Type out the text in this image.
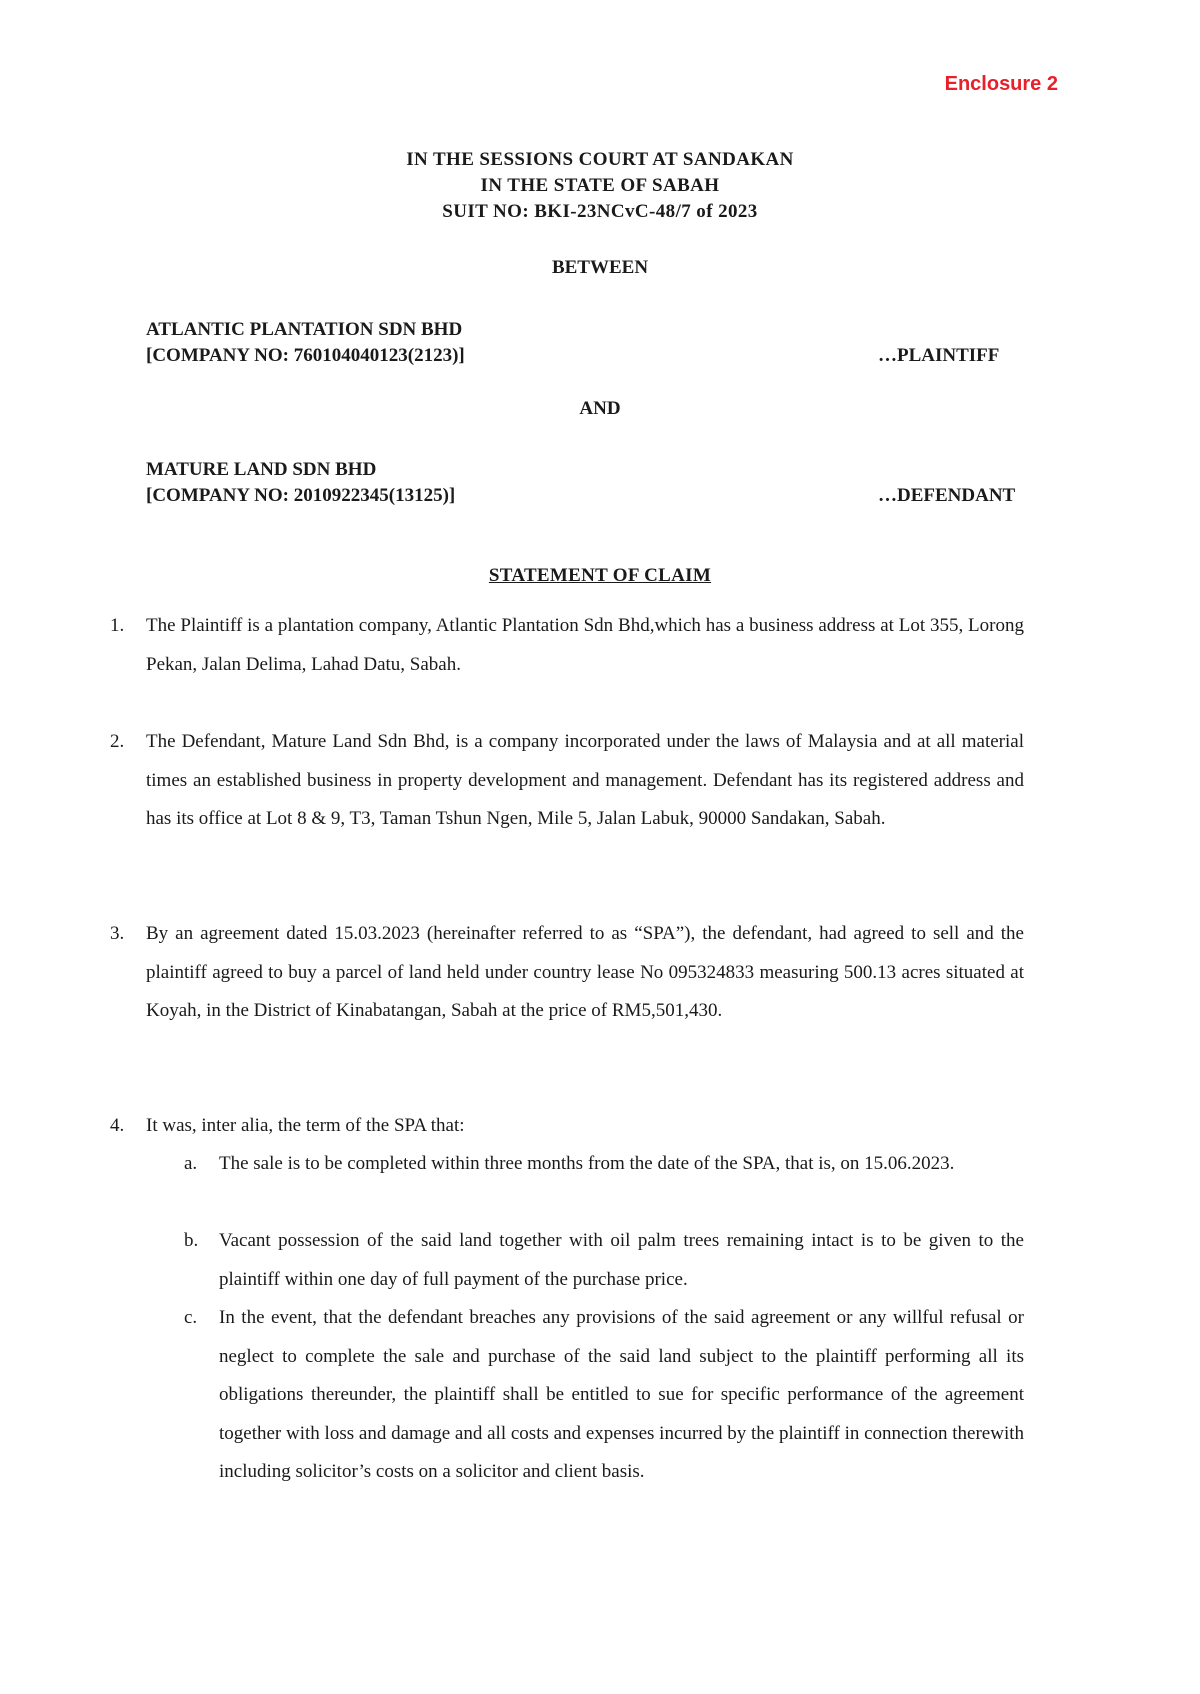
Enclosure 2
IN THE SESSIONS COURT AT SANDAKAN
IN THE STATE OF SABAH
SUIT NO: BKI-23NCvC-48/7 of 2023
BETWEEN
ATLANTIC PLANTATION SDN BHD
[COMPANY NO: 760104040123(2123)]	…PLAINTIFF
AND
MATURE LAND SDN BHD
[COMPANY NO: 2010922345(13125)]	…DEFENDANT
STATEMENT OF CLAIM
1. The Plaintiff is a plantation company, Atlantic Plantation Sdn Bhd,which has a business address at Lot 355, Lorong Pekan, Jalan Delima, Lahad Datu, Sabah.
2. The Defendant, Mature Land Sdn Bhd, is a company incorporated under the laws of Malaysia and at all material times an established business in property development and management. Defendant has its registered address and has its office at Lot 8 & 9, T3, Taman Tshun Ngen, Mile 5, Jalan Labuk, 90000 Sandakan, Sabah.
3. By an agreement dated 15.03.2023 (hereinafter referred to as “SPA”), the defendant, had agreed to sell and the plaintiff agreed to buy a parcel of land held under country lease No 095324833 measuring 500.13 acres situated at Koyah, in the District of Kinabatangan, Sabah at the price of RM5,501,430.
4. It was, inter alia, the term of the SPA that:
a. The sale is to be completed within three months from the date of the SPA, that is, on 15.06.2023.
b. Vacant possession of the said land together with oil palm trees remaining intact is to be given to the plaintiff within one day of full payment of the purchase price.
c. In the event, that the defendant breaches any provisions of the said agreement or any willful refusal or neglect to complete the sale and purchase of the said land subject to the plaintiff performing all its obligations thereunder, the plaintiff shall be entitled to sue for specific performance of the agreement together with loss and damage and all costs and expenses incurred by the plaintiff in connection therewith including solicitor’s costs on a solicitor and client basis.
